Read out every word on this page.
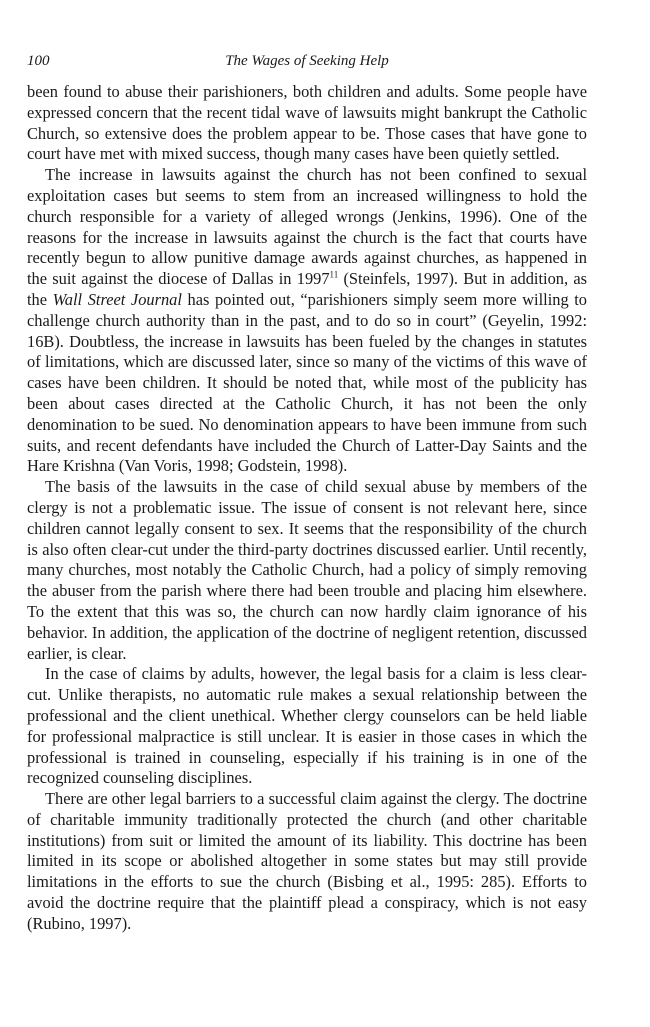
100	The Wages of Seeking Help

been found to abuse their parishioners, both children and adults. Some people have expressed concern that the recent tidal wave of lawsuits might bankrupt the Catholic Church, so extensive does the problem appear to be. Those cases that have gone to court have met with mixed success, though many cases have been quietly settled.

The increase in lawsuits against the church has not been confined to sexual exploitation cases but seems to stem from an increased willingness to hold the church responsible for a variety of alleged wrongs (Jenkins, 1996). One of the reasons for the increase in lawsuits against the church is the fact that courts have recently begun to allow punitive damage awards against churches, as happened in the suit against the diocese of Dallas in 1997$^{11}$ (Steinfels, 1997). But in addition, as the Wall Street Journal has pointed out, “parishioners simply seem more willing to challenge church authority than in the past, and to do so in court” (Geyelin, 1992: 16B). Doubtless, the increase in lawsuits has been fueled by the changes in statutes of limitations, which are discussed later, since so many of the victims of this wave of cases have been children. It should be noted that, while most of the publicity has been about cases directed at the Catholic Church, it has not been the only denomination to be sued. No denomination appears to have been immune from such suits, and recent defendants have included the Church of Latter-Day Saints and the Hare Krishna (Van Voris, 1998; Godstein, 1998).

The basis of the lawsuits in the case of child sexual abuse by members of the clergy is not a problematic issue. The issue of consent is not relevant here, since children cannot legally consent to sex. It seems that the responsibility of the church is also often clear-cut under the third-party doctrines discussed earlier. Until recently, many churches, most notably the Catholic Church, had a policy of simply removing the abuser from the parish where there had been trouble and placing him elsewhere. To the extent that this was so, the church can now hardly claim ignorance of his behavior. In addition, the application of the doctrine of negligent retention, discussed earlier, is clear.

In the case of claims by adults, however, the legal basis for a claim is less clear-cut. Unlike therapists, no automatic rule makes a sexual relationship between the professional and the client unethical. Whether clergy counselors can be held liable for professional malpractice is still unclear. It is easier in those cases in which the professional is trained in counseling, especially if his training is in one of the recognized counseling disciplines.

There are other legal barriers to a successful claim against the clergy. The doctrine of charitable immunity traditionally protected the church (and other charitable institutions) from suit or limited the amount of its liability. This doctrine has been limited in its scope or abolished altogether in some states but may still provide limitations in the efforts to sue the church (Bisbing et al., 1995: 285). Efforts to avoid the doctrine require that the plaintiff plead a conspiracy, which is not easy (Rubino, 1997).
